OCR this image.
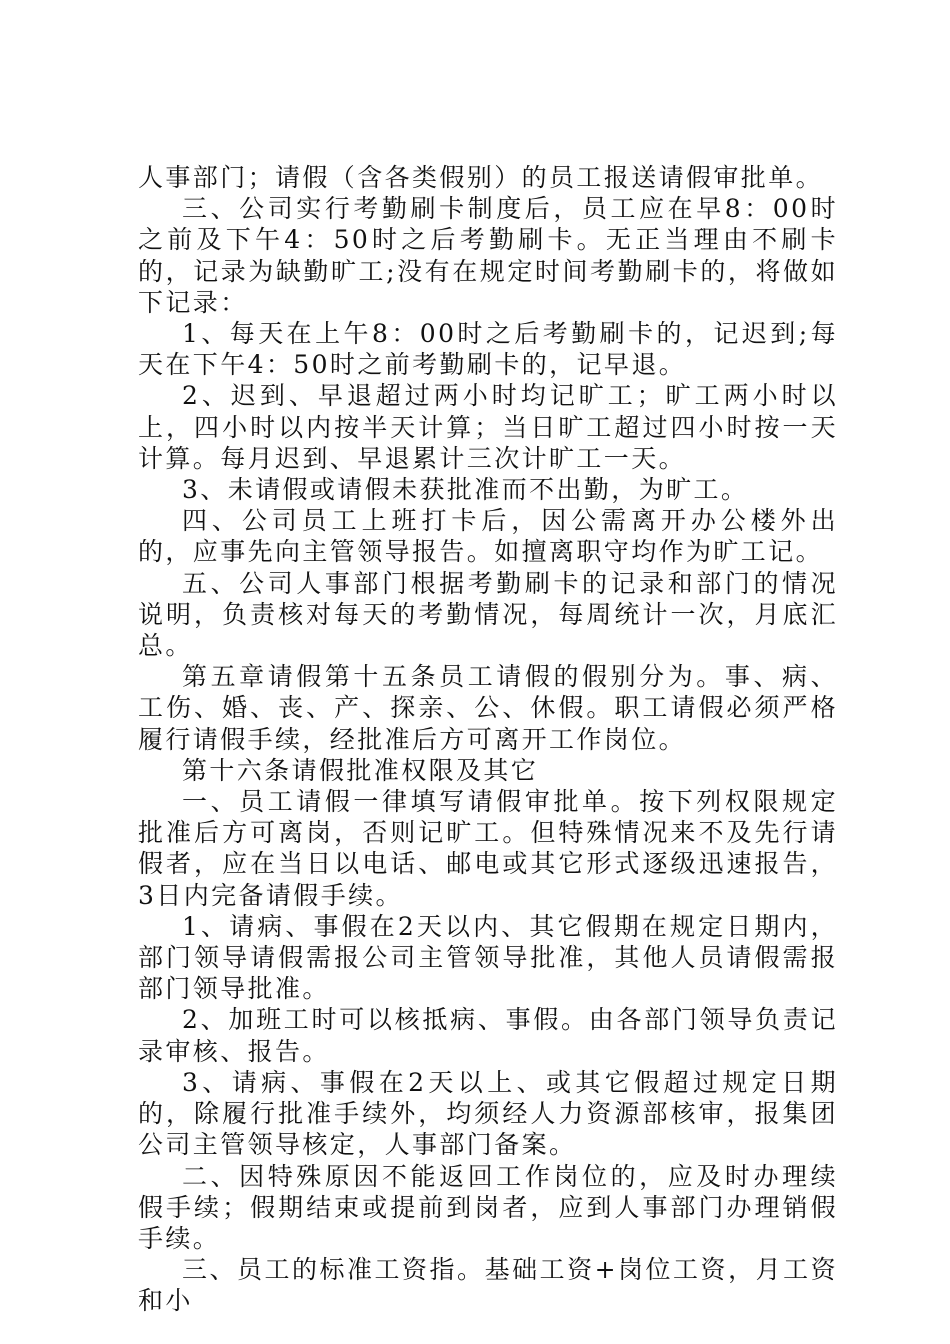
人事部门；请假（含各类假别）的员工报送请假审批单。

三、公司实行考勤刷卡制度后，员工应在早8：00时之前及下午4：50时之后考勤刷卡。无正当理由不刷卡的，记录为缺勤旷工;没有在规定时间考勤刷卡的，将做如下记录：

1、每天在上午8：00时之后考勤刷卡的，记迟到;每天在下午4：50时之前考勤刷卡的，记早退。

2、迟到、早退超过两小时均记旷工；旷工两小时以上，四小时以内按半天计算；当日旷工超过四小时按一天计算。每月迟到、早退累计三次计旷工一天。

3、未请假或请假未获批准而不出勤，为旷工。

四、公司员工上班打卡后，因公需离开办公楼外出的，应事先向主管领导报告。如擅离职守均作为旷工记。

五、公司人事部门根据考勤刷卡的记录和部门的情况说明，负责核对每天的考勤情况，每周统计一次，月底汇总。

第五章请假第十五条员工请假的假别分为。事、病、工伤、婚、丧、产、探亲、公、休假。职工请假必须严格履行请假手续，经批准后方可离开工作岗位。

第十六条请假批准权限及其它

一、员工请假一律填写请假审批单。按下列权限规定批准后方可离岗，否则记旷工。但特殊情况来不及先行请假者，应在当日以电话、邮电或其它形式逐级迅速报告，3日内完备请假手续。

1、请病、事假在2天以内、其它假期在规定日期内，部门领导请假需报公司主管领导批准，其他人员请假需报部门领导批准。

2、加班工时可以核抵病、事假。由各部门领导负责记录审核、报告。

3、请病、事假在2天以上、或其它假超过规定日期的，除履行批准手续外，均须经人力资源部核审，报集团公司主管领导核定，人事部门备案。

二、因特殊原因不能返回工作岗位的，应及时办理续假手续；假期结束或提前到岗者，应到人事部门办理销假手续。

三、员工的标准工资指。基础工资+岗位工资，月工资和小
